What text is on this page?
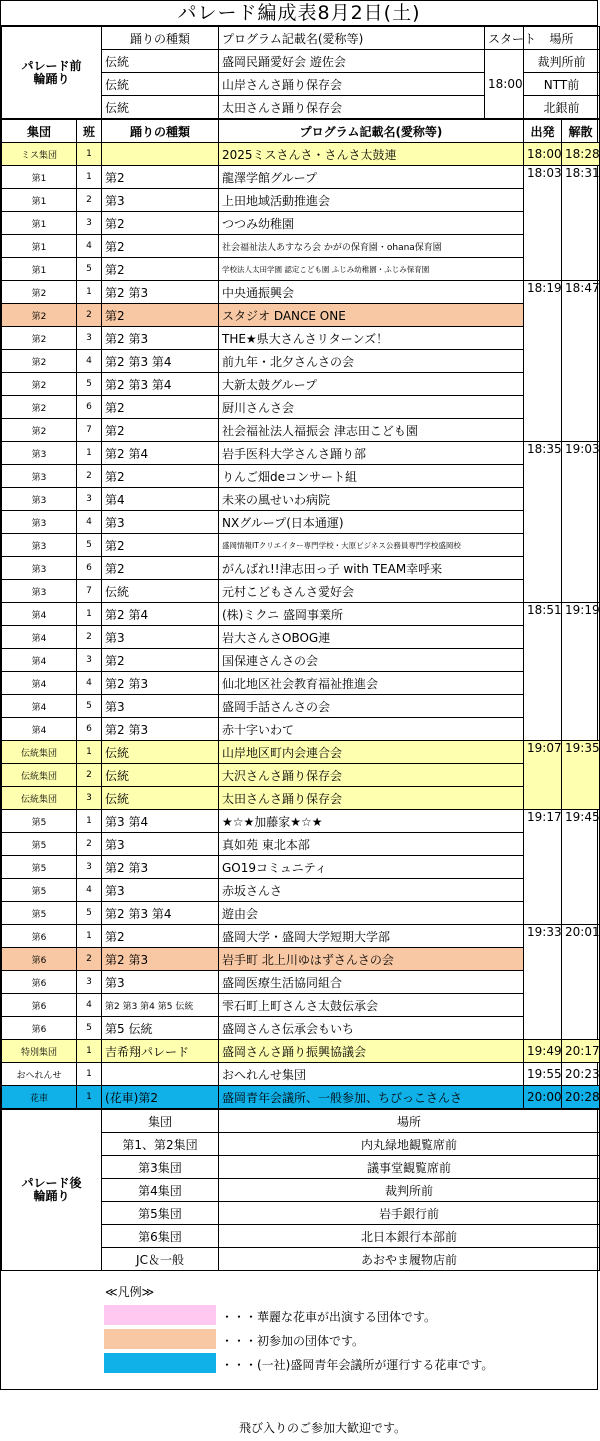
パレード編成表8月2日(土)
パレード前
輪踊り	踊りの種類	プログラム記載名(愛称等)	スタート	場所
	伝統	盛岡民踊愛好会 遊佐会	18:00	裁判所前
	伝統	山岸さんさ踊り保存会		NTT前
	伝統	太田さんさ踊り保存会		北銀前
集団	班	踊りの種類	プログラム記載名(愛称等)	出発	解散
ミス集団	1		2025ミスさんさ・さんさ太鼓連	18:00	18:28
第1	1	第2	龍澤学館グループ	18:03	18:31
第1	2	第3	上田地域活動推進会		
第1	3	第2	つつみ幼稚園		
第1	4	第2	社会福祉法人あすなろ会 かがの保育園・ohana保育園		
第1	5	第2	学校法人太田学園 認定こども園 ふじみ幼稚園・ふじみ保育園		
第2	1	第2 第3	中央通振興会	18:19	18:47
第2	2	第2	スタジオ DANCE ONE		
第2	3	第2 第3	THE★県大さんさリターンズ！		
第2	4	第2 第3 第4	前九年・北夕さんさの会		
第2	5	第2 第3 第4	大新太鼓グループ		
第2	6	第2	厨川さんさ会		
第2	7	第2	社会福祉法人福振会 津志田こども園		
第3	1	第2 第4	岩手医科大学さんさ踊り部	18:35	19:03
第3	2	第2	りんご畑deコンサート組		
第3	3	第4	未来の風せいわ病院		
第3	4	第3	NXグループ(日本通運)		
第3	5	第2	盛岡情報ITクリエイター専門学校・大原ビジネス公務員専門学校盛岡校		
第3	6	第2	がんばれ!!津志田っ子 with TEAM幸呼来		
第3	7	伝統	元村こどもさんさ愛好会		
第4	1	第2 第4	(株)ミクニ 盛岡事業所	18:51	19:19
第4	2	第3	岩大さんさOBOG連		
第4	3	第2	国保連さんさの会		
第4	4	第2 第3	仙北地区社会教育福祉推進会		
第4	5	第3	盛岡手話さんさの会		
第4	6	第2 第3	赤十字いわて		
伝統集団	1	伝統	山岸地区町内会連合会	19:07	19:35
伝統集団	2	伝統	大沢さんさ踊り保存会		
伝統集団	3	伝統	太田さんさ踊り保存会		
第5	1	第3 第4	★☆★加藤家★☆★	19:17	19:45
第5	2	第3	真如苑 東北本部		
第5	3	第2 第3	GO19コミュニティ		
第5	4	第3	赤坂さんさ		
第5	5	第2 第3 第4	遊由会		
第6	1	第2	盛岡大学・盛岡大学短期大学部	19:33	20:01
第6	2	第2 第3	岩手町 北上川ゆはずさんさの会		
第6	3	第3	盛岡医療生活協同組合		
第6	4	第2 第3 第4 第5 伝統	雫石町上町さんさ太鼓伝承会		
第6	5	第5 伝統	盛岡さんさ伝承会もいち		
特別集団	1	吉希翔パレード	盛岡さんさ踊り振興協議会	19:49	20:17
おへれんせ	1		おへれんせ集団	19:55	20:23
花車	1	(花車)第2	盛岡青年会議所、一般参加、ちびっこさんさ	20:00	20:28
パレード後
輪踊り	集団	場所
	第1、第2集団	内丸緑地観覧席前
	第3集団	議事堂観覧席前
	第4集団	裁判所前
	第5集団	岩手銀行前
	第6集団	北日本銀行本部前
	JC＆一般	あおやま履物店前
≪凡例≫
・・・華麗な花車が出演する団体です。
・・・初参加の団体です。
・・・(一社)盛岡青年会議所が運行する花車です。
飛び入りのご参加大歓迎です。
